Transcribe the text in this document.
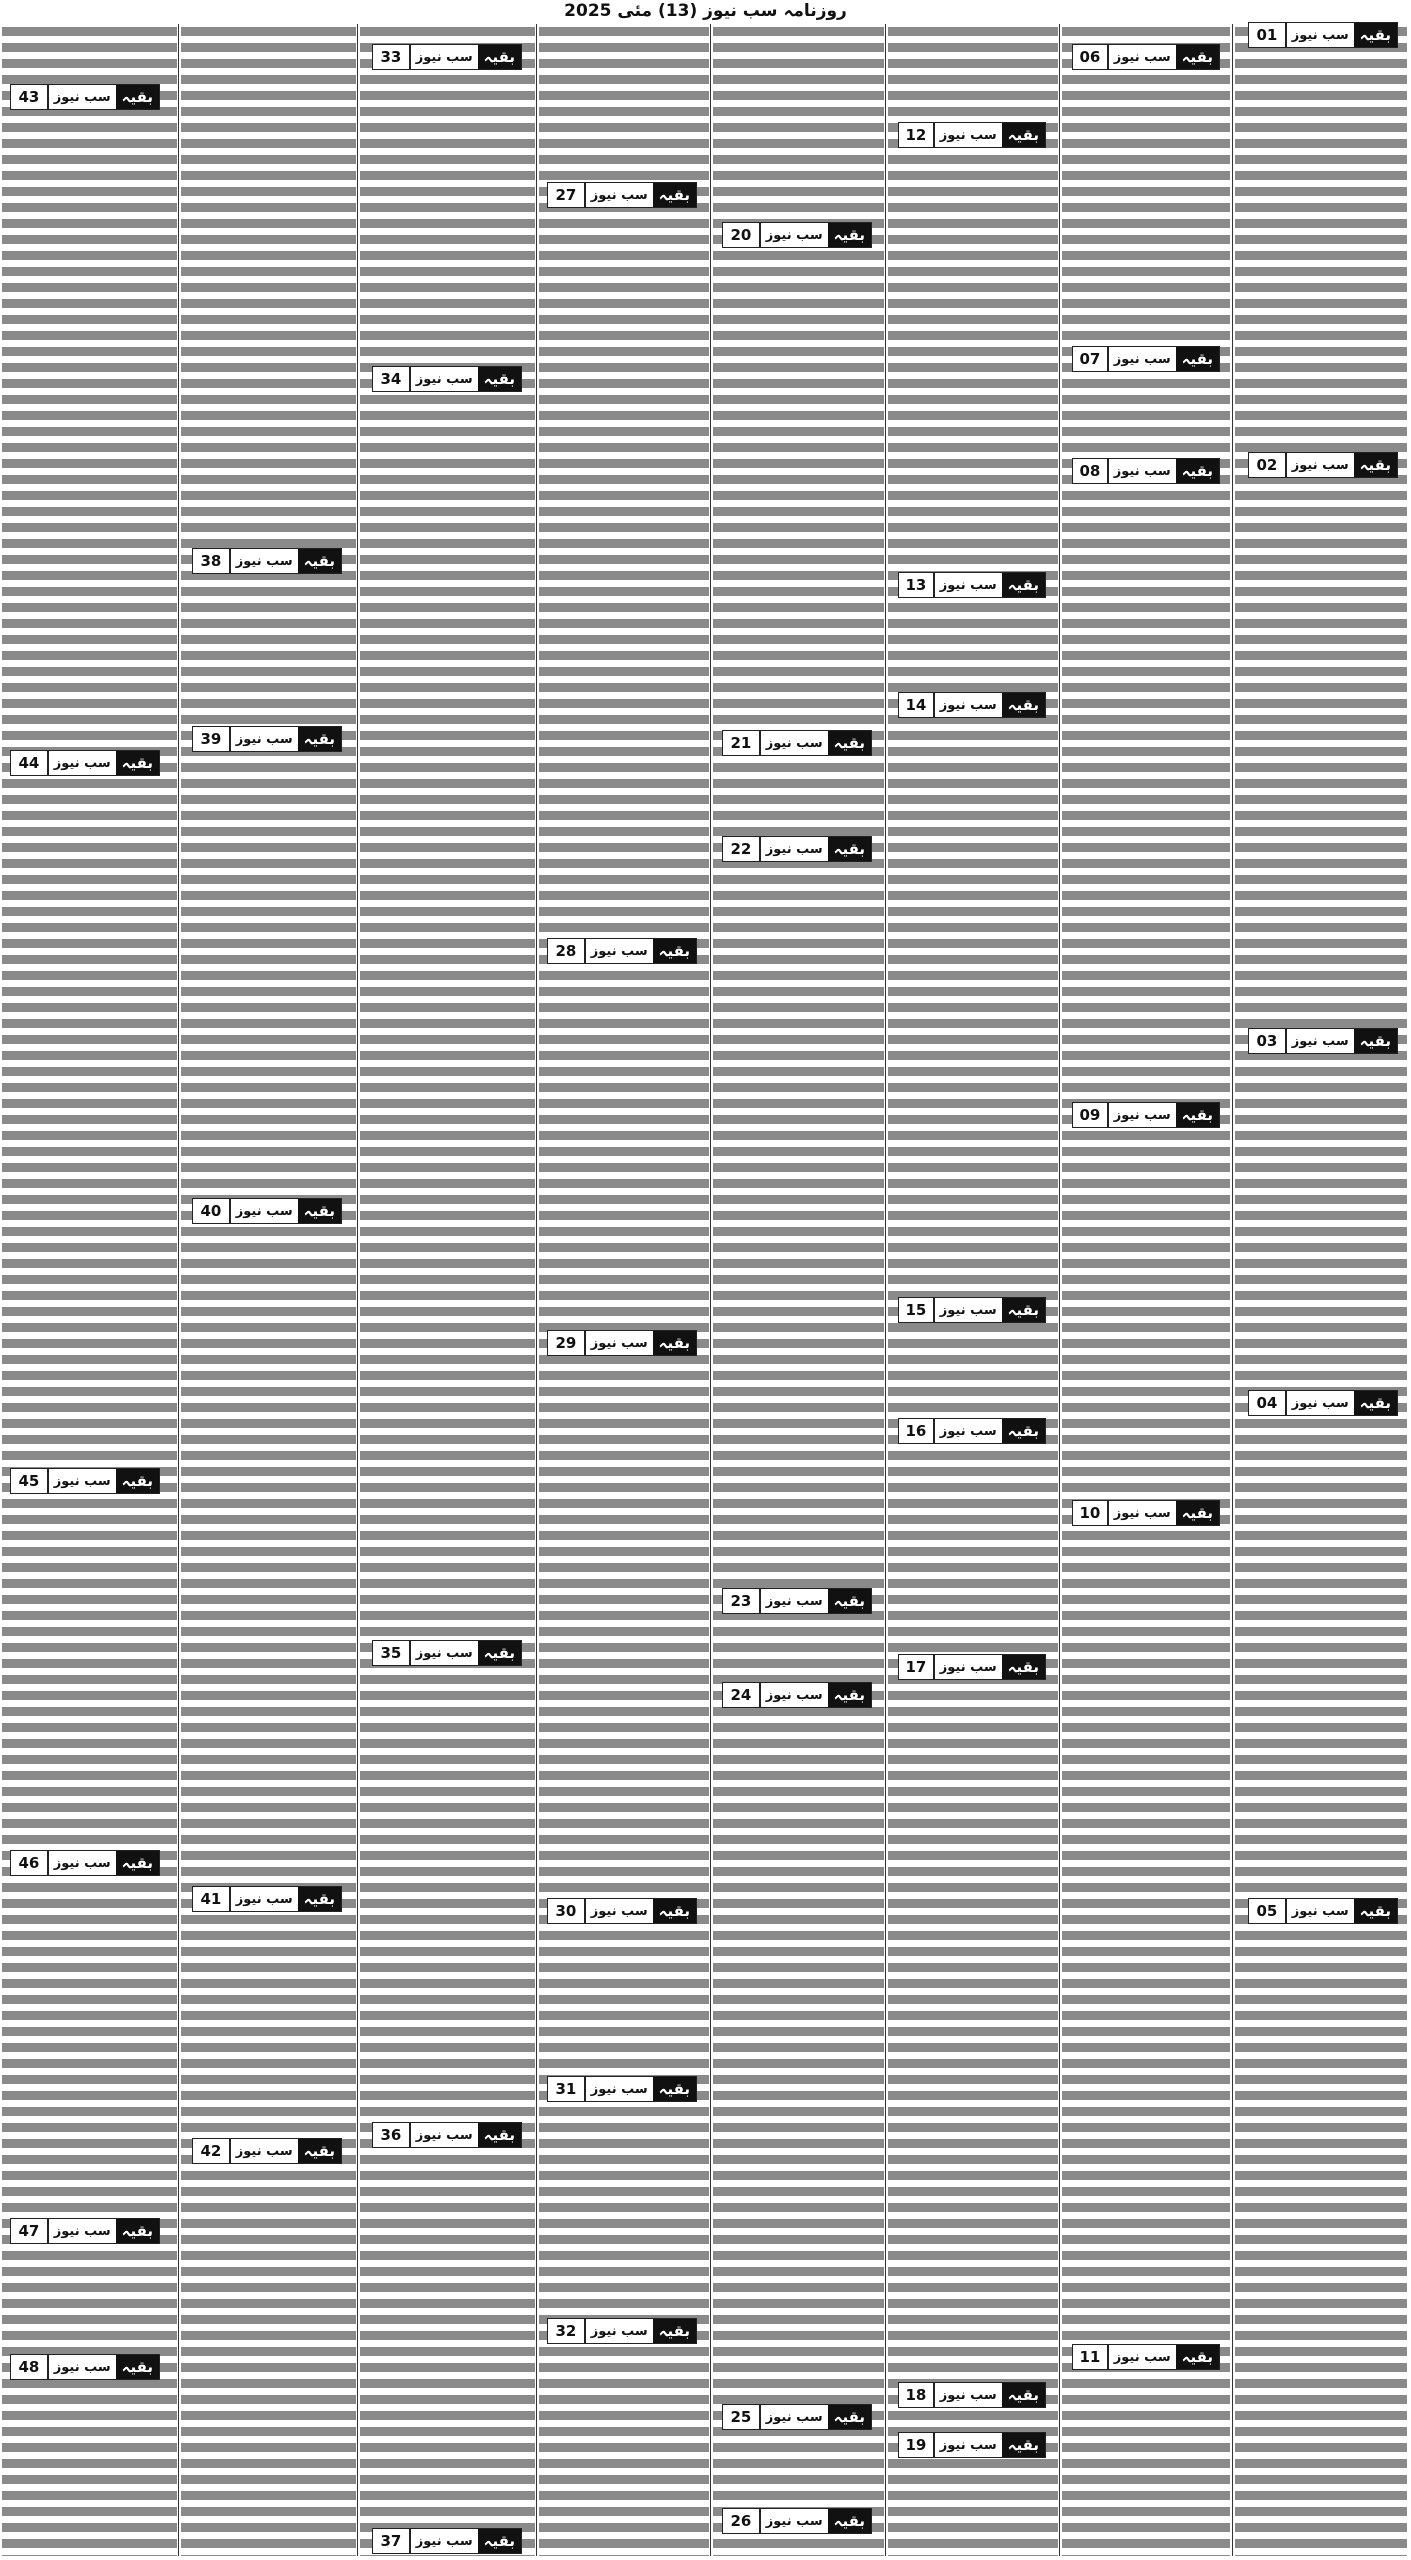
روزنامہ سب نیوز (13) مئی 2025
بقیہ
سب نیوز
01
بقیہ
سب نیوز
02
بقیہ
سب نیوز
03
بقیہ
سب نیوز
04
بقیہ
سب نیوز
05
بقیہ
سب نیوز
06
بقیہ
سب نیوز
07
بقیہ
سب نیوز
08
بقیہ
سب نیوز
09
بقیہ
سب نیوز
10
بقیہ
سب نیوز
11
بقیہ
سب نیوز
12
بقیہ
سب نیوز
13
بقیہ
سب نیوز
14
بقیہ
سب نیوز
15
بقیہ
سب نیوز
16
بقیہ
سب نیوز
17
بقیہ
سب نیوز
18
بقیہ
سب نیوز
19
بقیہ
سب نیوز
20
بقیہ
سب نیوز
21
بقیہ
سب نیوز
22
بقیہ
سب نیوز
23
بقیہ
سب نیوز
24
بقیہ
سب نیوز
25
بقیہ
سب نیوز
26
بقیہ
سب نیوز
27
بقیہ
سب نیوز
28
بقیہ
سب نیوز
29
بقیہ
سب نیوز
30
بقیہ
سب نیوز
31
بقیہ
سب نیوز
32
بقیہ
سب نیوز
33
بقیہ
سب نیوز
34
بقیہ
سب نیوز
35
بقیہ
سب نیوز
36
بقیہ
سب نیوز
37
بقیہ
سب نیوز
38
بقیہ
سب نیوز
39
بقیہ
سب نیوز
40
بقیہ
سب نیوز
41
بقیہ
سب نیوز
42
بقیہ
سب نیوز
43
بقیہ
سب نیوز
44
بقیہ
سب نیوز
45
بقیہ
سب نیوز
46
بقیہ
سب نیوز
47
بقیہ
سب نیوز
48
